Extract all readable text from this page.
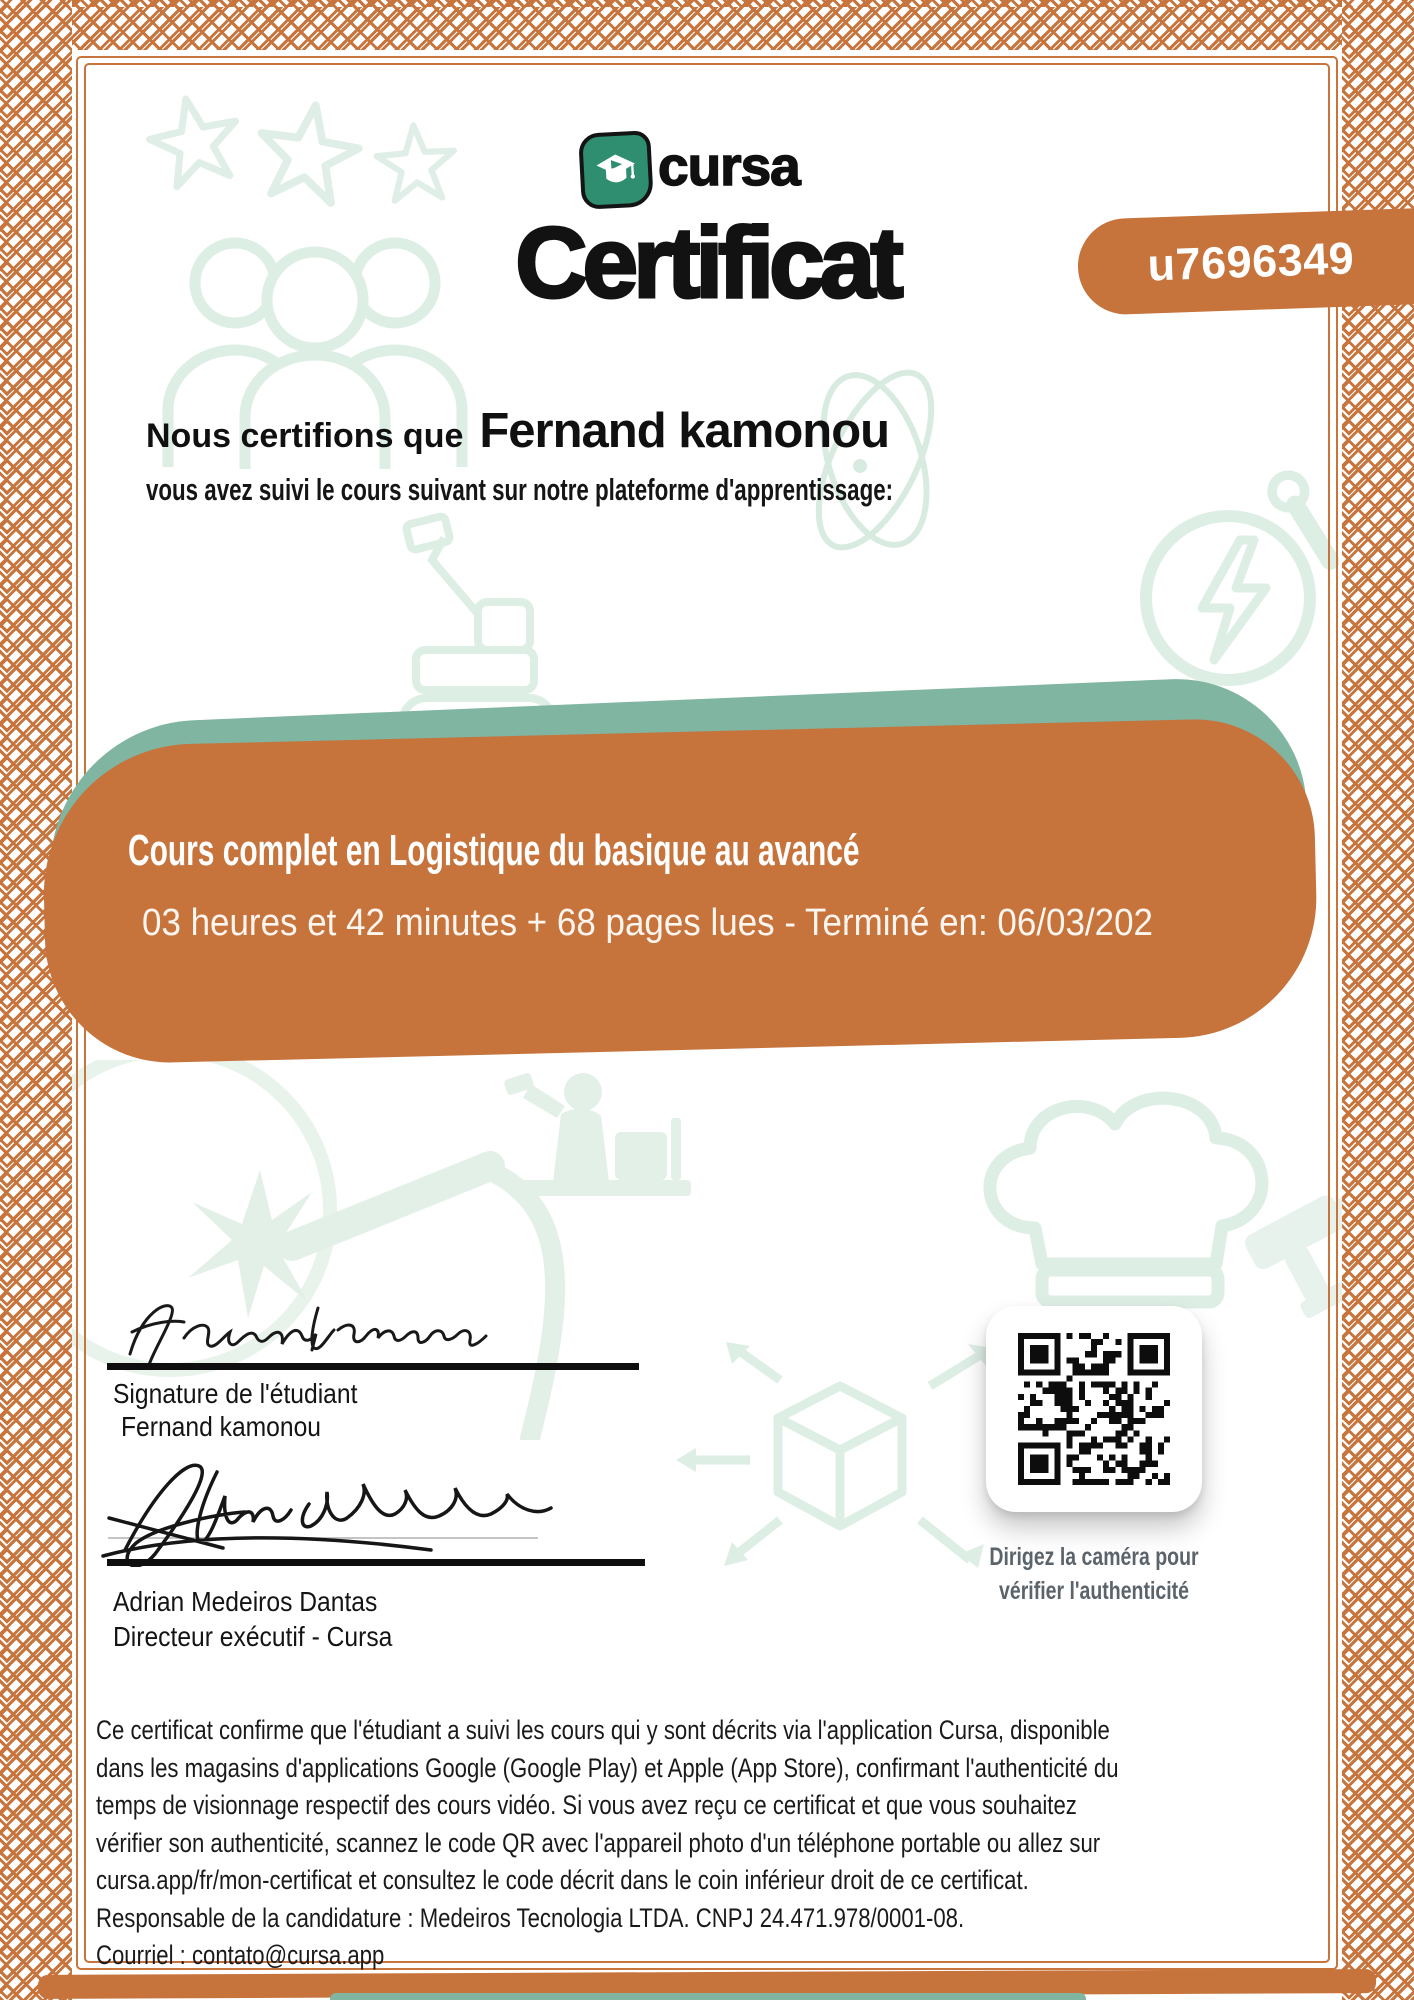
cursa
Certificat	u7696349
Nous certifions que Fernand kamonou
vous avez suivi le cours suivant sur notre plateforme d'apprentissage:
Cours complet en Logistique du basique au avancé
03 heures et 42 minutes + 68 pages lues - Terminé en: 06/03/202
Signature de l'étudiant
Fernand kamonou
Adrian Medeiros Dantas
Directeur exécutif - Cursa
Dirigez la caméra pour
vérifier l'authenticité
Ce certificat confirme que l'étudiant a suivi les cours qui y sont décrits via l'application Cursa, disponible
dans les magasins d'applications Google (Google Play) et Apple (App Store), confirmant l'authenticité du
temps de visionnage respectif des cours vidéo. Si vous avez reçu ce certificat et que vous souhaitez
vérifier son authenticité, scannez le code QR avec l'appareil photo d'un téléphone portable ou allez sur
cursa.app/fr/mon-certificat et consultez le code décrit dans le coin inférieur droit de ce certificat.
Responsable de la candidature : Medeiros Tecnologia LTDA. CNPJ 24.471.978/0001-08.
Courriel : contato@cursa.app
